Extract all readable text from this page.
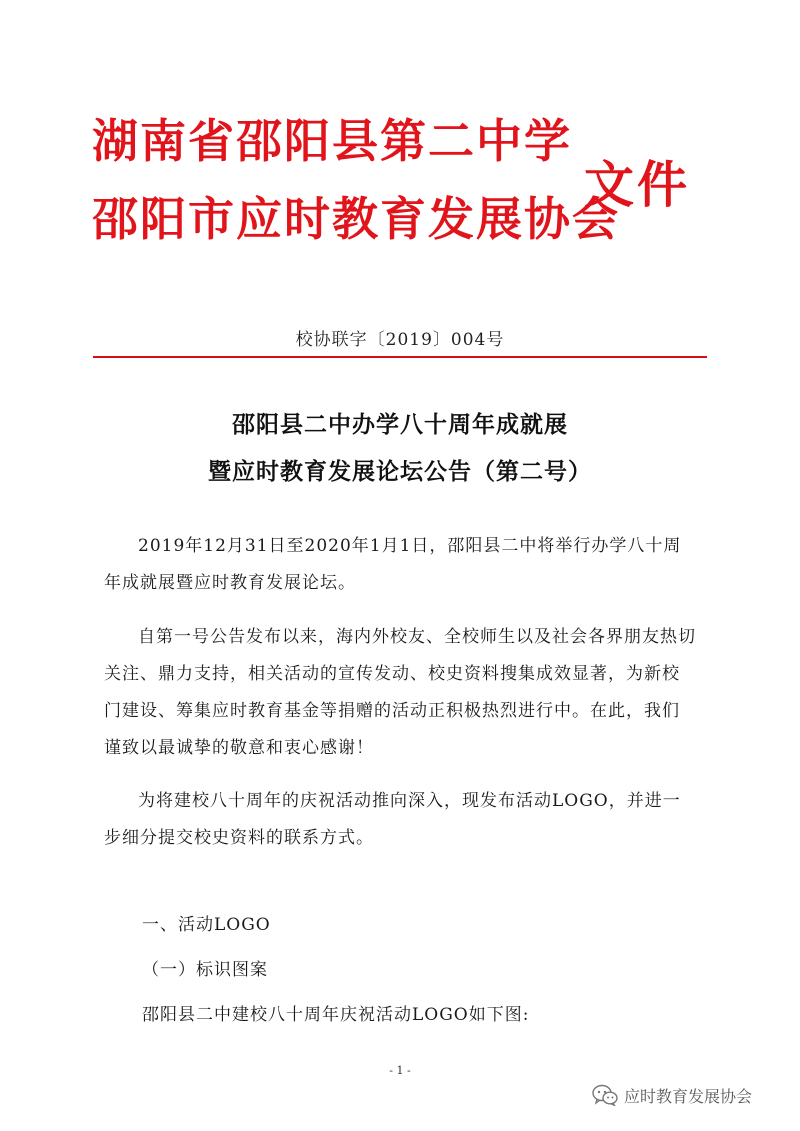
湖南省邵阳县第二中学
邵阳市应时教育发展协会
文件
校协联字〔2019〕004号
邵阳县二中办学八十周年成就展
暨应时教育发展论坛公告（第二号）
2019年12月31日至2020年1月1日，邵阳县二中将举行办学八十周年成就展暨应时教育发展论坛。
自第一号公告发布以来，海内外校友、全校师生以及社会各界朋友热切关注、鼎力支持，相关活动的宣传发动、校史资料搜集成效显著，为新校门建设、筹集应时教育基金等捐赠的活动正积极热烈进行中。在此，我们谨致以最诚挚的敬意和衷心感谢！
为将建校八十周年的庆祝活动推向深入，现发布活动LOGO，并进一步细分提交校史资料的联系方式。
一、活动LOGO
（一）标识图案
邵阳县二中建校八十周年庆祝活动LOGO如下图:
- 1 -
应时教育发展协会
